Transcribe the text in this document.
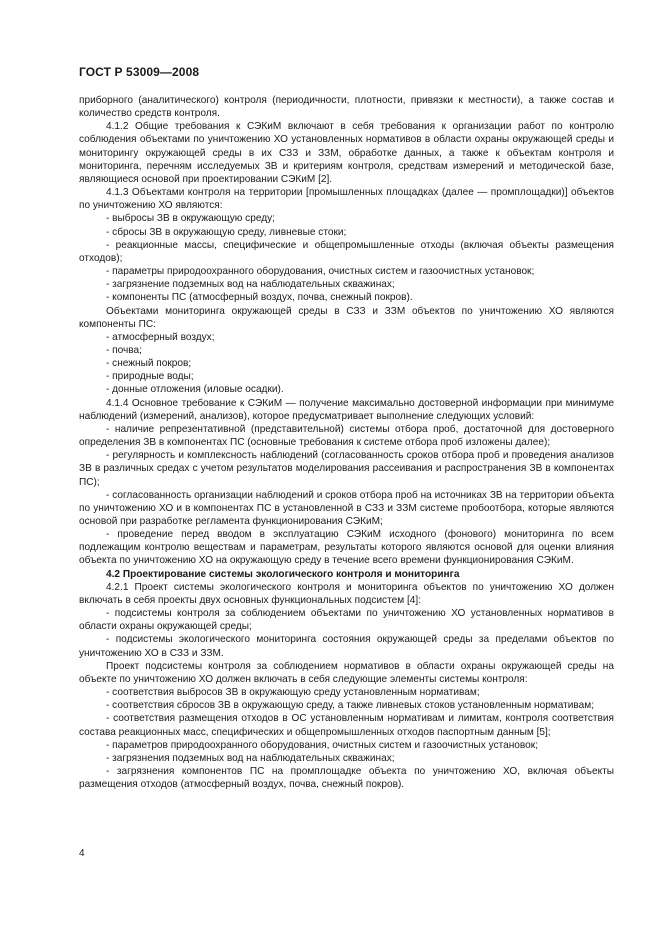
ГОСТ Р 53009—2008

приборного (аналитического) контроля (периодичности, плотности, привязки к местности), а также состав и количество средств контроля.

4.1.2 Общие требования к СЭКиМ включают в себя требования к организации работ по контролю соблюдения объектами по уничтожению ХО установленных нормативов в области охраны окружающей среды и мониторингу окружающей среды в их СЗЗ и ЗЗМ, обработке данных, а также к объектам контроля и мониторинга, перечням исследуемых ЗВ и критериям контроля, средствам измерений и методической базе, являющиеся основой при проектировании СЭКиМ [2].

4.1.3 Объектами контроля на территории [промышленных площадках (далее — промплощадки)] объектов по уничтожению ХО являются:

- выбросы ЗВ в окружающую среду;

- сбросы ЗВ в окружающую среду, ливневые стоки;

- реакционные массы, специфические и общепромышленные отходы (включая объекты размещения отходов);

- параметры природоохранного оборудования, очистных систем и газоочистных установок;

- загрязнение подземных вод на наблюдательных скважинах;

- компоненты ПС (атмосферный воздух, почва, снежный покров).

Объектами мониторинга окружающей среды в СЗЗ и ЗЗМ объектов по уничтожению ХО являются компоненты ПС:

- атмосферный воздух;

- почва;

- снежный покров;

- природные воды;

- донные отложения (иловые осадки).

4.1.4 Основное требование к СЭКиМ — получение максимально достоверной информации при минимуме наблюдений (измерений, анализов), которое предусматривает выполнение следующих условий:

- наличие репрезентативной (представительной) системы отбора проб, достаточной для достоверного определения ЗВ в компонентах ПС (основные требования к системе отбора проб изложены далее);

- регулярность и комплексность наблюдений (согласованность сроков отбора проб и проведения анализов ЗВ в различных средах с учетом результатов моделирования рассеивания и распространения ЗВ в компонентах ПС);

- согласованность организации наблюдений и сроков отбора проб на источниках ЗВ на территории объекта по уничтожению ХО и в компонентах ПС в установленной в СЗЗ и ЗЗМ системе пробоотбора, которые являются основой при разработке регламента функционирования СЭКиМ;

- проведение перед вводом в эксплуатацию СЭКиМ исходного (фонового) мониторинга по всем подлежащим контролю веществам и параметрам, результаты которого являются основой для оценки влияния объекта по уничтожению ХО на окружающую среду в течение всего времени функционирования СЭКиМ.

4.2 Проектирование системы экологического контроля и мониторинга

4.2.1 Проект системы экологического контроля и мониторинга объектов по уничтожению ХО должен включать в себя проекты двух основных функциональных подсистем [4]:

- подсистемы контроля за соблюдением объектами по уничтожению ХО установленных нормативов в области охраны окружающей среды;

- подсистемы экологического мониторинга состояния окружающей среды за пределами объектов по уничтожению ХО в СЗЗ и ЗЗМ.

Проект подсистемы контроля за соблюдением нормативов в области охраны окружающей среды на объекте по уничтожению ХО должен включать в себя следующие элементы системы контроля:

- соответствия выбросов ЗВ в окружающую среду установленным нормативам;

- соответствия сбросов ЗВ в окружающую среду, а также ливневых стоков установленным нормативам;

- соответствия размещения отходов в ОС установленным нормативам и лимитам, контроля соответствия состава реакционных масс, специфических и общепромышленных отходов паспортным данным [5];

- параметров природоохранного оборудования, очистных систем и газоочистных установок;

- загрязнения подземных вод на наблюдательных скважинах;

- загрязнения компонентов ПС на промплощадке объекта по уничтожению ХО, включая объекты размещения отходов (атмосферный воздух, почва, снежный покров).

4
